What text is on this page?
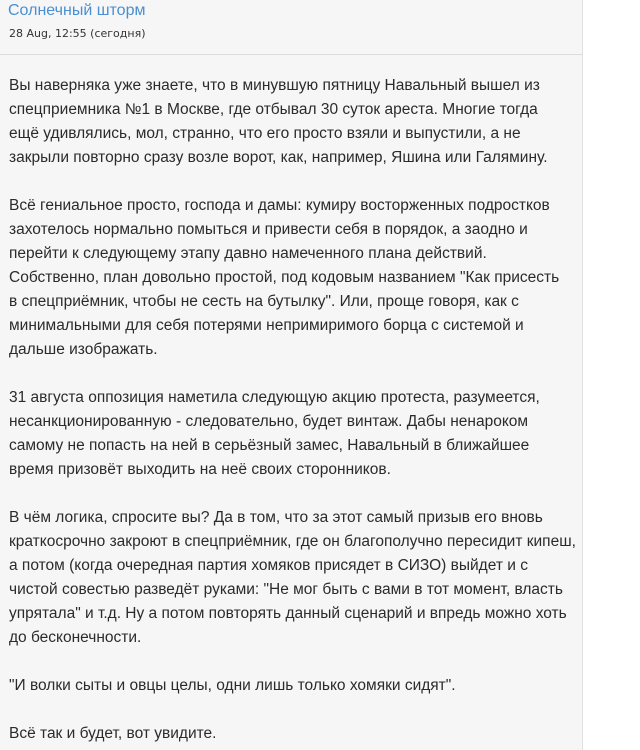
Солнечный шторм
28 Aug, 12:55 (сегодня)

Вы наверняка уже знаете, что в минувшую пятницу Навальный вышел из
спецприемника №1 в Москве, где отбывал 30 суток ареста. Многие тогда
ещё удивлялись, мол, странно, что его просто взяли и выпустили, а не
закрыли повторно сразу возле ворот, как, например, Яшина или Галямину.

Всё гениальное просто, господа и дамы: кумиру восторженных подростков
захотелось нормально помыться и привести себя в порядок, а заодно и
перейти к следующему этапу давно намеченного плана действий.
Собственно, план довольно простой, под кодовым названием "Как присесть
в спецприёмник, чтобы не сесть на бутылку". Или, проще говоря, как с
минимальными для себя потерями непримиримого борца с системой и
дальше изображать.

31 августа оппозиция наметила следующую акцию протеста, разумеется,
несанкционированную - следовательно, будет винтаж. Дабы ненароком
самому не попасть на ней в серьёзный замес, Навальный в ближайшее
время призовёт выходить на неё своих сторонников.

В чём логика, спросите вы? Да в том, что за этот самый призыв его вновь
краткосрочно закроют в спецприёмник, где он благополучно пересидит кипеш,
а потом (когда очередная партия хомяков присядет в СИЗО) выйдет и с
чистой совестью разведёт руками: "Не мог быть с вами в тот момент, власть
упрятала" и т.д. Ну а потом повторять данный сценарий и впредь можно хоть
до бесконечности.

"И волки сыты и овцы целы, одни лишь только хомяки сидят".

Всё так и будет, вот увидите.
